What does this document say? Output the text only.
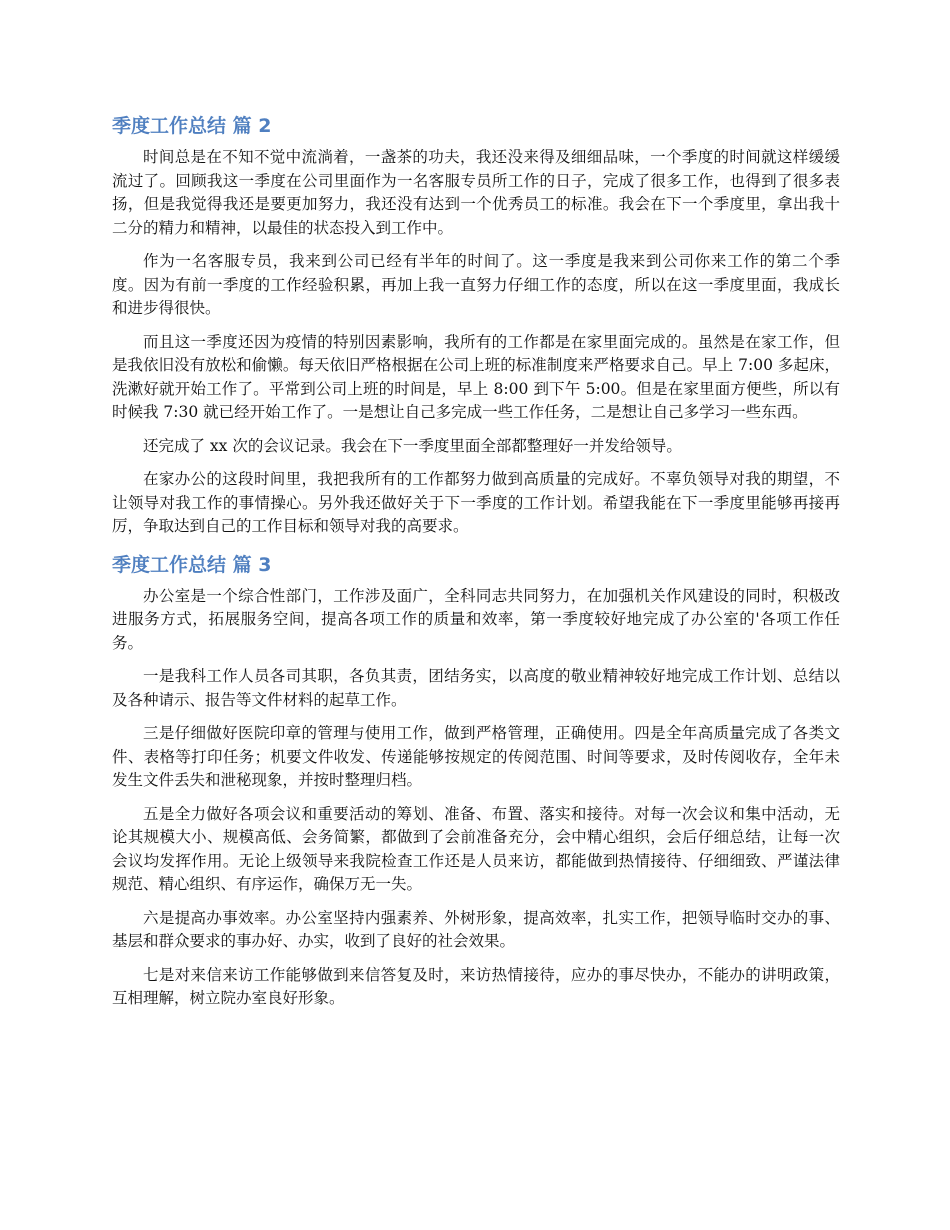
季度工作总结 篇 2

时间总是在不知不觉中流淌着，一盏茶的功夫，我还没来得及细细品味，一个季度的时间就这样缓缓流过了。回顾我这一季度在公司里面作为一名客服专员所工作的日子，完成了很多工作，也得到了很多表扬，但是我觉得我还是要更加努力，我还没有达到一个优秀员工的标准。我会在下一个季度里，拿出我十二分的精力和精神，以最佳的状态投入到工作中。

作为一名客服专员，我来到公司已经有半年的时间了。这一季度是我来到公司你来工作的第二个季度。因为有前一季度的工作经验积累，再加上我一直努力仔细工作的态度，所以在这一季度里面，我成长和进步得很快。

而且这一季度还因为疫情的特别因素影响，我所有的工作都是在家里面完成的。虽然是在家工作，但是我依旧没有放松和偷懒。每天依旧严格根据在公司上班的标准制度来严格要求自己。早上 7:00 多起床，洗漱好就开始工作了。平常到公司上班的时间是，早上 8:00 到下午 5:00。但是在家里面方便些，所以有时候我 7:30 就已经开始工作了。一是想让自己多完成一些工作任务，二是想让自己多学习一些东西。

还完成了 xx 次的会议记录。我会在下一季度里面全部都整理好一并发给领导。

在家办公的这段时间里，我把我所有的工作都努力做到高质量的完成好。不辜负领导对我的期望，不让领导对我工作的事情操心。另外我还做好关于下一季度的工作计划。希望我能在下一季度里能够再接再厉，争取达到自己的工作目标和领导对我的高要求。

季度工作总结 篇 3

办公室是一个综合性部门，工作涉及面广，全科同志共同努力，在加强机关作风建设的同时，积极改进服务方式，拓展服务空间，提高各项工作的质量和效率，第一季度较好地完成了办公室的'各项工作任务。

一是我科工作人员各司其职，各负其责，团结务实，以高度的敬业精神较好地完成工作计划、总结以及各种请示、报告等文件材料的起草工作。

三是仔细做好医院印章的管理与使用工作，做到严格管理，正确使用。四是全年高质量完成了各类文件、表格等打印任务；机要文件收发、传递能够按规定的传阅范围、时间等要求，及时传阅收存，全年未发生文件丢失和泄秘现象，并按时整理归档。

五是全力做好各项会议和重要活动的筹划、准备、布置、落实和接待。对每一次会议和集中活动，无论其规模大小、规模高低、会务简繁，都做到了会前准备充分，会中精心组织，会后仔细总结，让每一次会议均发挥作用。无论上级领导来我院检查工作还是人员来访，都能做到热情接待、仔细细致、严谨法律规范、精心组织、有序运作，确保万无一失。

六是提高办事效率。办公室坚持内强素养、外树形象，提高效率，扎实工作，把领导临时交办的事、基层和群众要求的事办好、办实，收到了良好的社会效果。

七是对来信来访工作能够做到来信答复及时，来访热情接待，应办的事尽快办，不能办的讲明政策，互相理解，树立院办室良好形象。
